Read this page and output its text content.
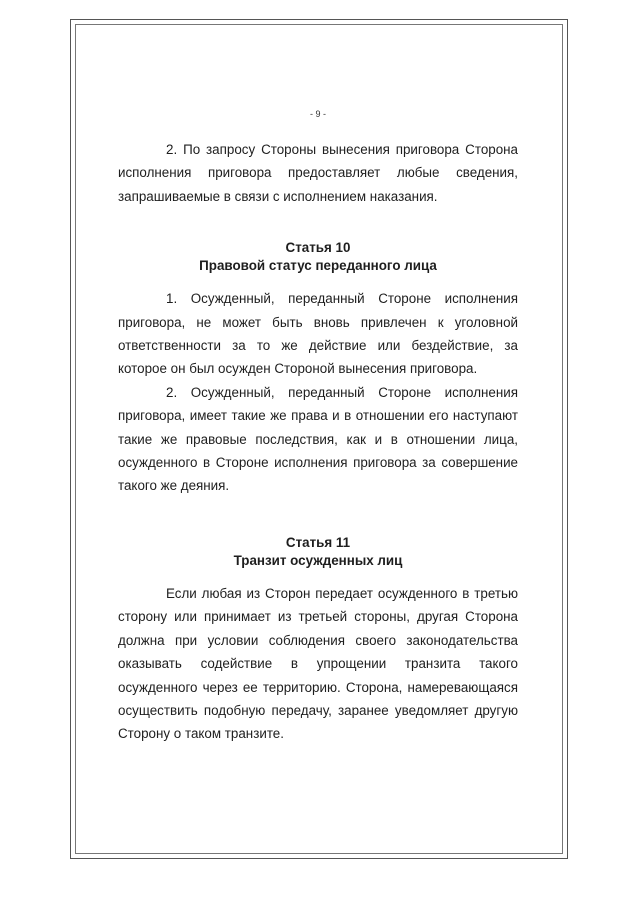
- 9 -

2. По запросу Стороны вынесения приговора Сторона исполнения приговора предоставляет любые сведения, запрашиваемые в связи с исполнением наказания.

Статья 10
Правовой статус переданного лица

1. Осужденный, переданный Стороне исполнения приговора, не может быть вновь привлечен к уголовной ответственности за то же действие или бездействие, за которое он был осужден Стороной вынесения приговора.

2. Осужденный, переданный Стороне исполнения приговора, имеет такие же права и в отношении его наступают такие же правовые последствия, как и в отношении лица, осужденного в Стороне исполнения приговора за совершение такого же деяния.

Статья 11
Транзит осужденных лиц

Если любая из Сторон передает осужденного в третью сторону или принимает из третьей стороны, другая Сторона должна при условии соблюдения своего законодательства оказывать содействие в упрощении транзита такого осужденного через ее территорию. Сторона, намеревающаяся осуществить подобную передачу, заранее уведомляет другую Сторону о таком транзите.
